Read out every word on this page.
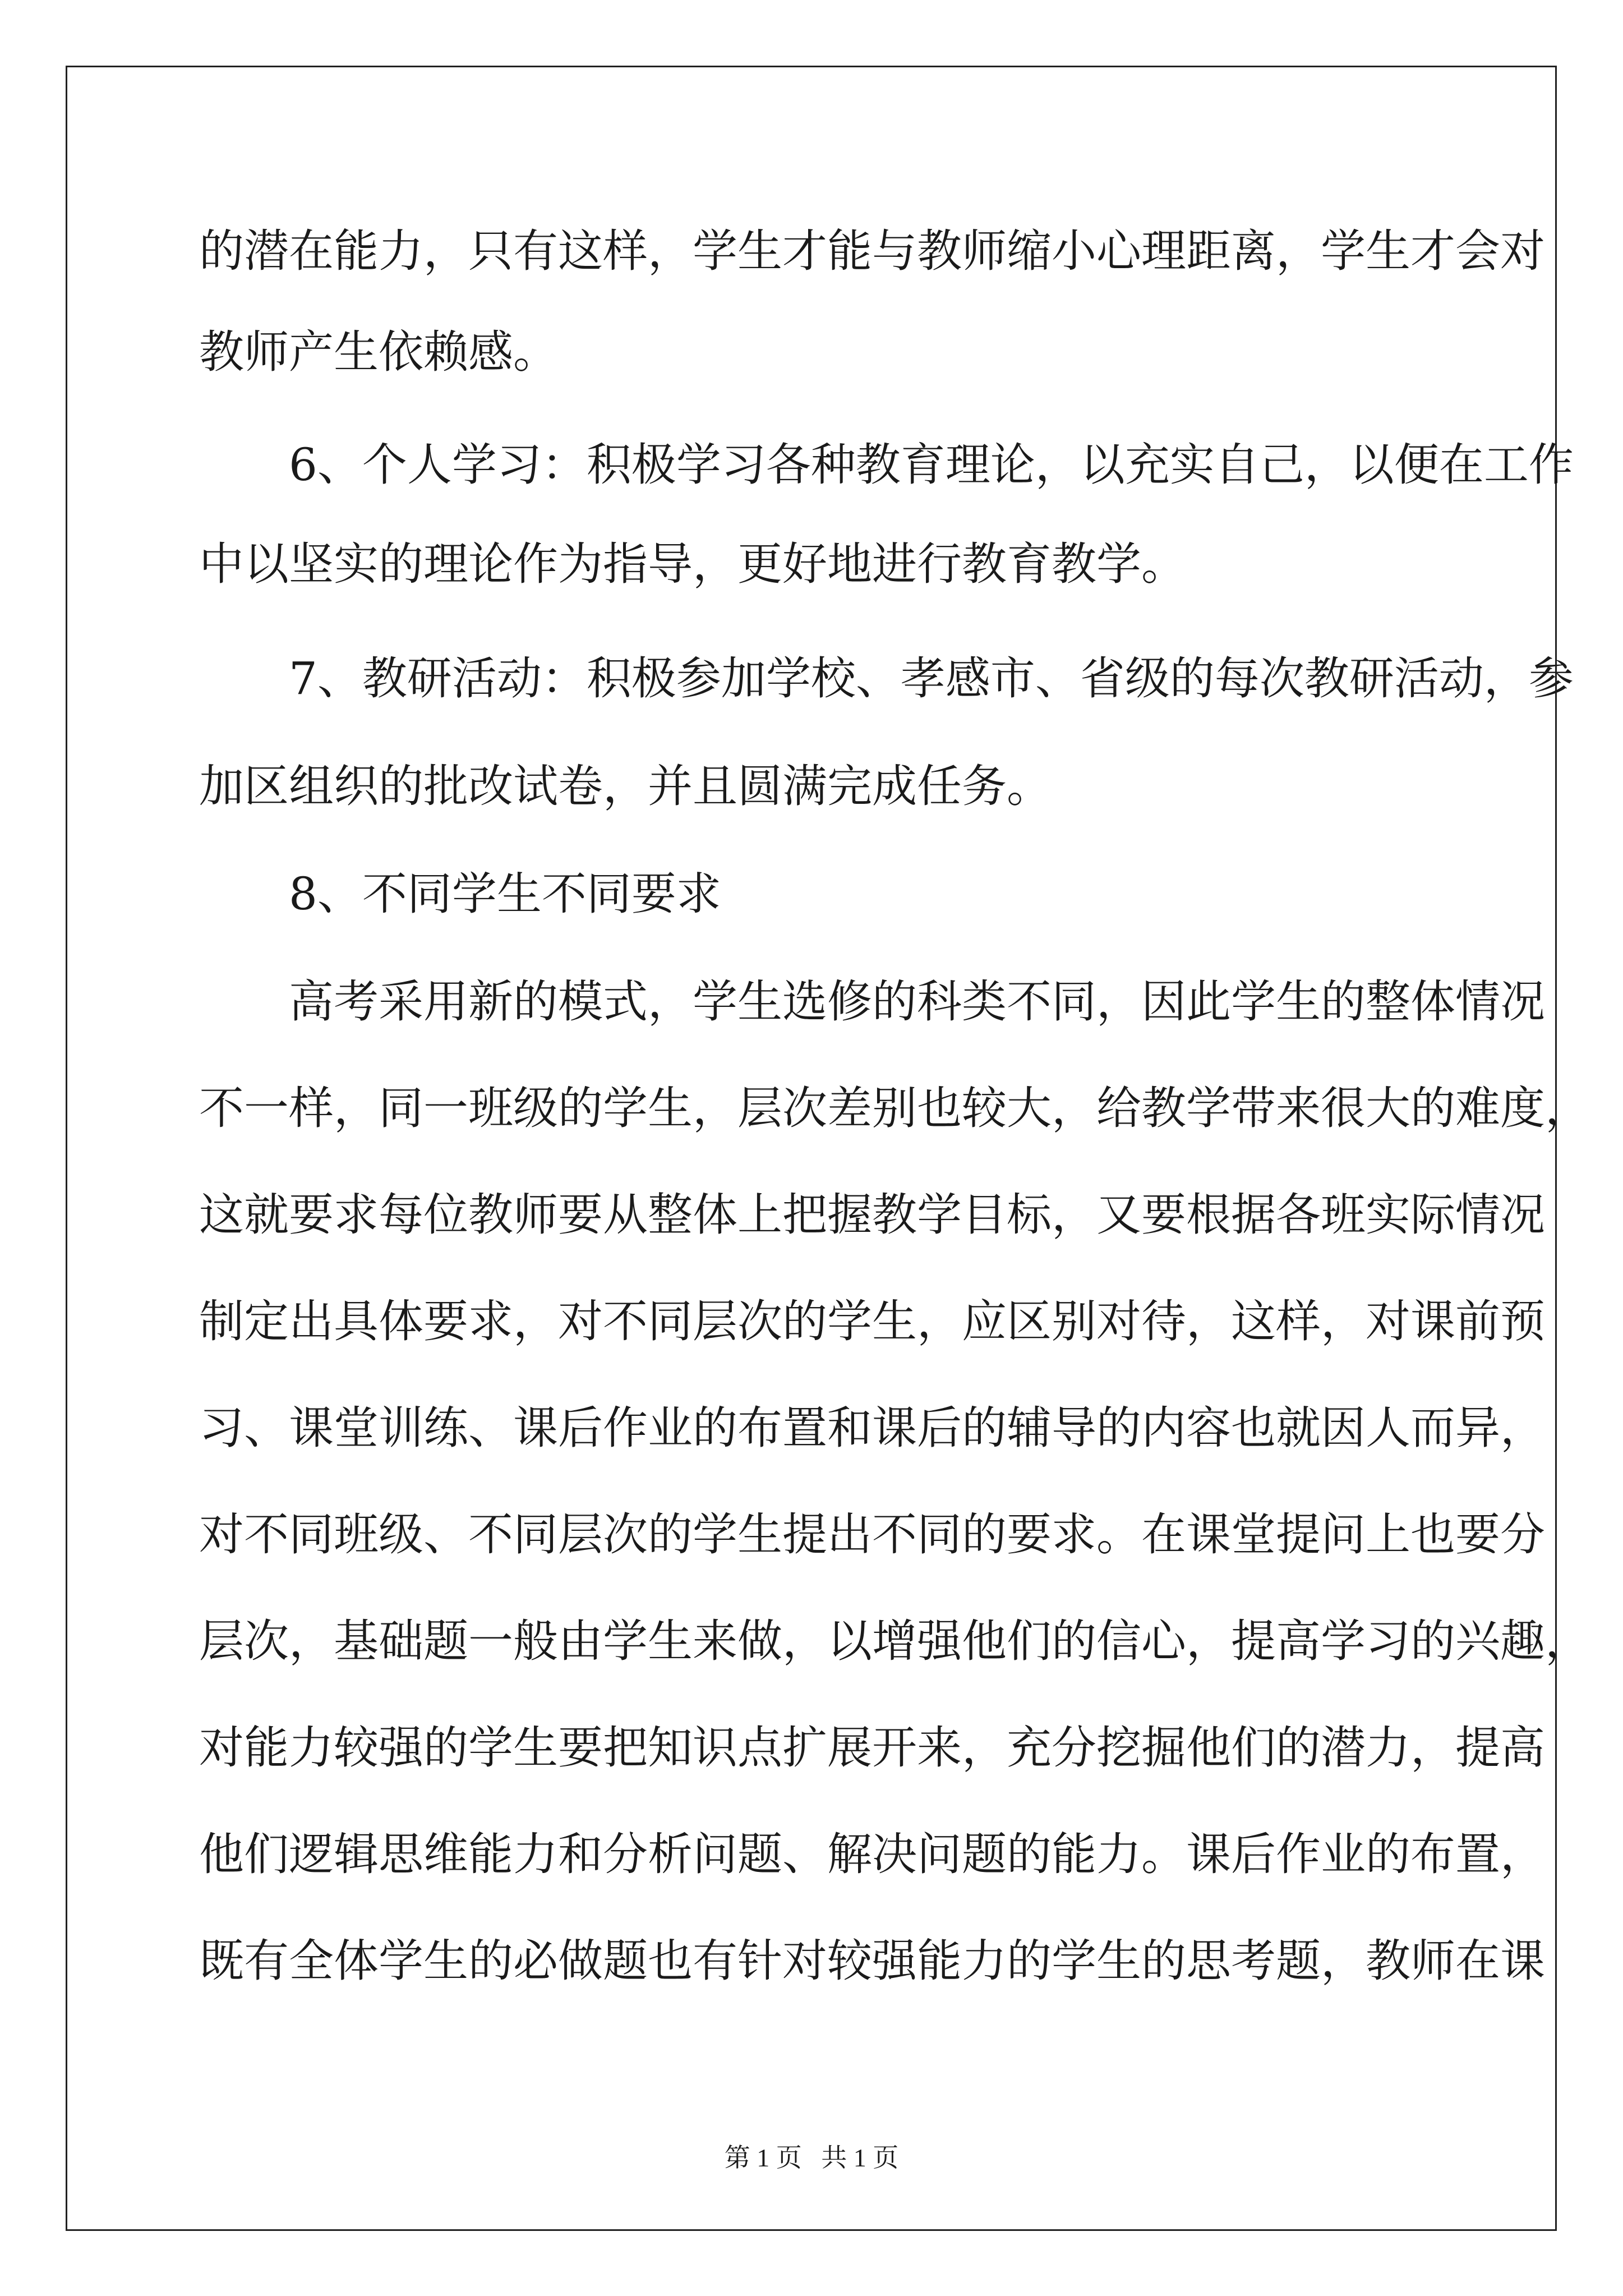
的潜在能力，只有这样，学生才能与教师缩小心理距离，学生才会对
教师产生依赖感。
　　6、个人学习：积极学习各种教育理论，以充实自己，以便在工作
中以坚实的理论作为指导，更好地进行教育教学。
　　7、教研活动：积极参加学校、孝感市、省级的每次教研活动，参
加区组织的批改试卷，并且圆满完成任务。
　　8、不同学生不同要求
　　高考采用新的模式，学生选修的科类不同，因此学生的整体情况
不一样，同一班级的学生，层次差别也较大，给教学带来很大的难度，
这就要求每位教师要从整体上把握教学目标，又要根据各班实际情况
制定出具体要求，对不同层次的学生，应区别对待，这样，对课前预
习、课堂训练、课后作业的布置和课后的辅导的内容也就因人而异，
对不同班级、不同层次的学生提出不同的要求。在课堂提问上也要分
层次，基础题一般由学生来做，以增强他们的信心，提高学习的兴趣，
对能力较强的学生要把知识点扩展开来，充分挖掘他们的潜力，提高
他们逻辑思维能力和分析问题、解决问题的能力。课后作业的布置，
既有全体学生的必做题也有针对较强能力的学生的思考题，教师在课
第 1 页   共 1 页
